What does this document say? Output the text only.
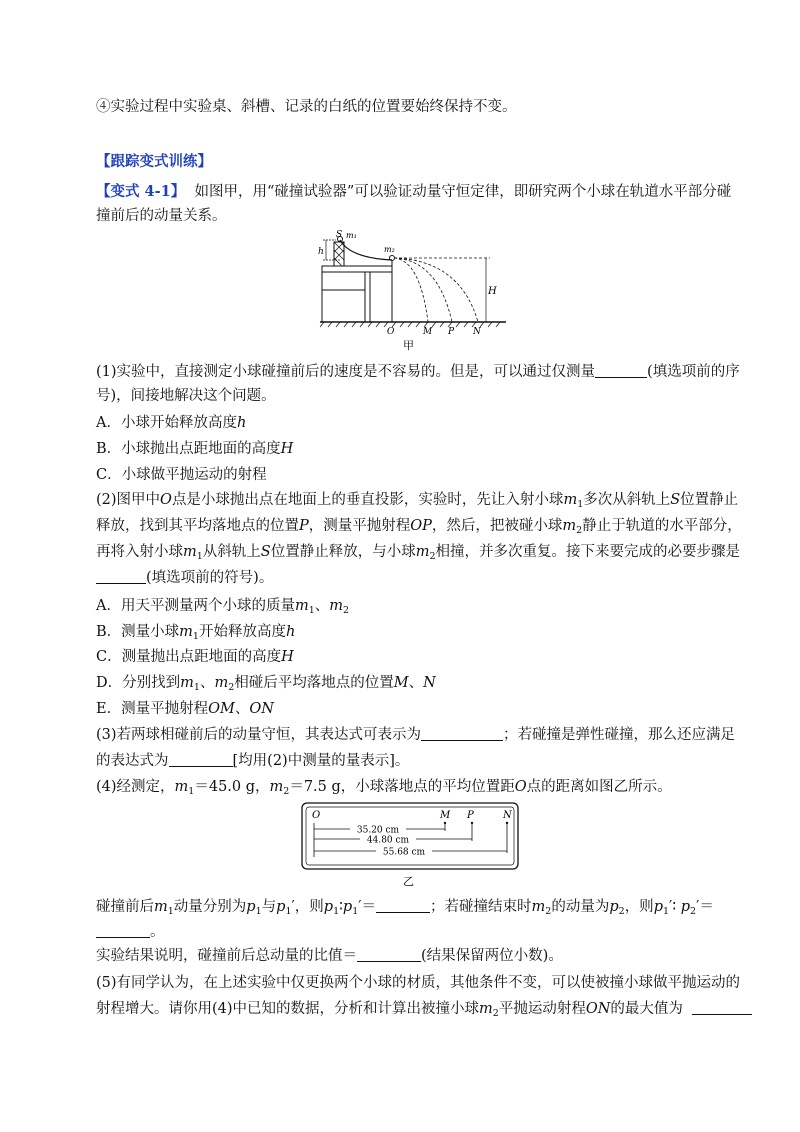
④实验过程中实验桌、斜槽、记录的白纸的位置要始终保持不变。
【跟踪变式训练】
【变式 4-1】 如图甲，用“碰撞试验器”可以验证动量守恒定律，即研究两个小球在轨道水平部分碰
撞前后的动量关系。
h
S m₁
m₂
H
O	M P N
甲
(1)实验中，直接测定小球碰撞前后的速度是不容易的。但是，可以通过仅测量	(填选项前的序
号)，间接地解决这个问题。
A．小球开始释放高度h
B．小球抛出点距地面的高度H
C．小球做平抛运动的射程
(2)图甲中O点是小球抛出点在地面上的垂直投影，实验时，先让入射小球$m_1$多次从斜轨上S位置静止
释放，找到其平均落地点的位置P，测量平抛射程OP，然后，把被碰小球$m_2$静止于轨道的水平部分，
再将入射小球$m_1$从斜轨上S位置静止释放，与小球$m_2$相撞，并多次重复。接下来要完成的必要步骤是
(填选项前的符号)。
A．用天平测量两个小球的质量$m_1$、$m_2$
B．测量小球$m_1$开始释放高度h
C．测量抛出点距地面的高度H
D．分别找到$m_1$、$m_2$相碰后平均落地点的位置M、N
E．测量平抛射程OM、ON
(3)若两球相碰前后的动量守恒，其表达式可表示为	；若碰撞是弹性碰撞，那么还应满足
的表达式为	[均用(2)中测量的量表示]。
(4)经测定，$m_1=45.0$ g，$m_2=7.5$ g，小球落地点的平均位置距O点的距离如图乙所示。
O	M P	N
35.20 cm
44.80 cm
55.68 cm
乙
碰撞前后$m_1$动量分别为$p_1$与$p_1'$，则$p_1∶p_1'=$	；若碰撞结束时$m_2$的动量为$p_2$，则$p_1'∶$ $p_2'=$
。
实验结果说明，碰撞前后总动量的比值＝	(结果保留两位小数)。
(5)有同学认为，在上述实验中仅更换两个小球的材质，其他条件不变，可以使被撞小球做平抛运动的
射程增大。请你用(4)中已知的数据，分析和计算出被撞小球$m_2$平抛运动射程ON的最大值为
